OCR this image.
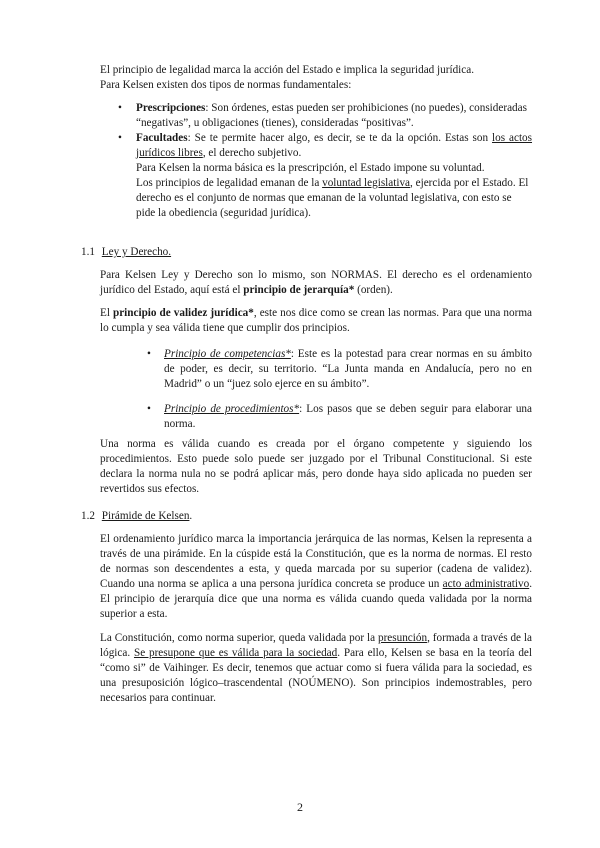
El principio de legalidad marca la acción del Estado e implica la seguridad jurídica.

Para Kelsen existen dos tipos de normas fundamentales:

• Prescripciones: Son órdenes, estas pueden ser prohibiciones (no puedes), consideradas

“negativas”, u obligaciones (tienes), consideradas “positivas”.

• Facultades: Se te permite hacer algo, es decir, se te da la opción. Estas son los actos jurídicos libres, el derecho subjetivo.

Para Kelsen la norma básica es la prescripción, el Estado impone su voluntad.

Los principios de legalidad emanan de la voluntad legislativa, ejercida por el Estado. El derecho es el conjunto de normas que emanan de la voluntad legislativa, con esto se pide la obediencia (seguridad jurídica).

1.1 Ley y Derecho.

Para Kelsen Ley y Derecho son lo mismo, son NORMAS. El derecho es el ordenamiento jurídico del Estado, aquí está el principio de jerarquía* (orden).

El principio de validez jurídica*, este nos dice como se crean las normas. Para que una norma lo cumpla y sea válida tiene que cumplir dos principios.

• Principio de competencias*: Este es la potestad para crear normas en su ámbito de poder, es decir, su territorio. “La Junta manda en Andalucía, pero no en Madrid” o un “juez solo ejerce en su ámbito”.

• Principio de procedimientos*: Los pasos que se deben seguir para elaborar una norma.

Una norma es válida cuando es creada por el órgano competente y siguiendo los procedimientos. Esto puede solo puede ser juzgado por el Tribunal Constitucional. Si este declara la norma nula no se podrá aplicar más, pero donde haya sido aplicada no pueden ser revertidos sus efectos.

1.2 Pirámide de Kelsen.

El ordenamiento jurídico marca la importancia jerárquica de las normas, Kelsen la representa a través de una pirámide. En la cúspide está la Constitución, que es la norma de normas. El resto de normas son descendentes a esta, y queda marcada por su superior (cadena de validez). Cuando una norma se aplica a una persona jurídica concreta se produce un acto administrativo. El principio de jerarquía dice que una norma es válida cuando queda validada por la norma superior a esta.

La Constitución, como norma superior, queda validada por la presunción, formada a través de la lógica. Se presupone que es válida para la sociedad. Para ello, Kelsen se basa en la teoría del “como si” de Vaihinger. Es decir, tenemos que actuar como si fuera válida para la sociedad, es una presuposición lógico–trascendental (NOÚMENO). Son principios indemostrables, pero necesarios para continuar.

2
